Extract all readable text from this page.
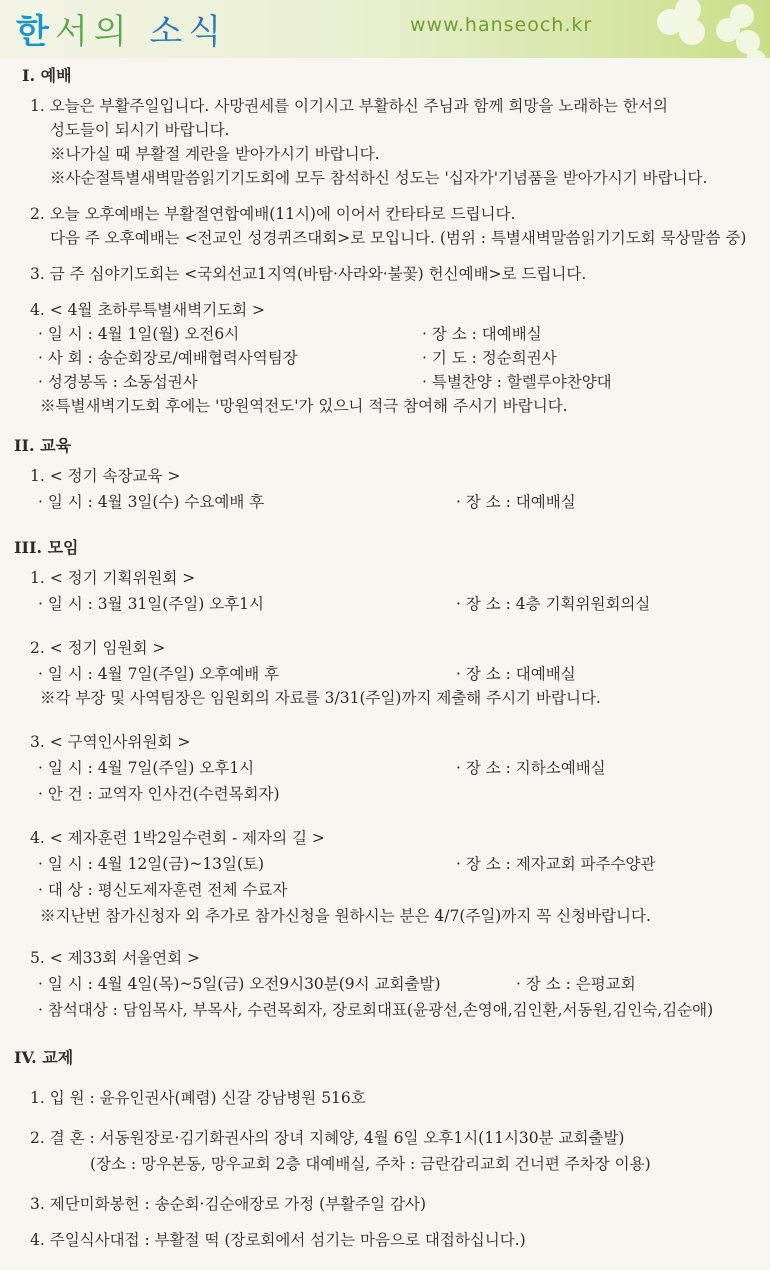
한서의 소식	www.hanseoch.kr
I. 예배
1. 오늘은 부활주일입니다. 사망권세를 이기시고 부활하신 주님과 함께 희망을 노래하는 한서의
성도들이 되시기 바랍니다.
※나가실 때 부활절 계란을 받아가시기 바랍니다.
※사순절특별새벽말씀읽기기도회에 모두 참석하신 성도는 '십자가'기념품을 받아가시기 바랍니다.
2. 오늘 오후예배는 부활절연합예배(11시)에 이어서 칸타타로 드립니다.
다음 주 오후예배는 <전교인 성경퀴즈대회>로 모입니다. (범위 : 특별새벽말씀읽기기도회 묵상말씀 중)
3. 금 주 심야기도회는 <국외선교1지역(바탐·사라와·불꽃) 헌신예배>로 드립니다.
4. < 4월 초하루특별새벽기도회 >
· 일 시 : 4월 1일(월) 오전6시
· 사 회 : 송순회장로/예배협력사역팀장
· 성경봉독 : 소동섭권사
※특별새벽기도회 후에는 '망원역전도'가 있으니 적극 참여해 주시기 바랍니다.
II. 교육
1. < 정기 속장교육 >
· 일 시 : 4월 3일(수) 수요예배 후
III. 모임
1. < 정기 기획위원회 >
· 일 시 : 3월 31일(주일) 오후1시
2. < 정기 임원회 >
· 일 시 : 4월 7일(주일) 오후예배 후
※각 부장 및 사역팀장은 임원회의 자료를 3/31(주일)까지 제출해 주시기 바랍니다.
3. < 구역인사위원회 >
· 일 시 : 4월 7일(주일) 오후1시
· 안 건 : 교역자 인사건(수련목회자)
4. < 제자훈련 1박2일수련회 - 제자의 길 >
· 일 시 : 4월 12일(금)~13일(토)
· 대 상 : 평신도제자훈련 전체 수료자
※지난번 참가신청자 외 추가로 참가신청을 원하시는 분은 4/7(주일)까지 꼭 신청바랍니다.
5. < 제33회 서울연회 >
· 일 시 : 4월 4일(목)~5일(금) 오전9시30분(9시 교회출발)
· 참석대상 : 담임목사, 부목사, 수련목회자, 장로회대표(윤광선,손영애,김인환,서동원,김인숙,김순애)
IV. 교제
1. 입 원 : 윤유인권사(폐렴) 신갈 강남병원 516호
2. 결 혼 : 서동원장로·김기화권사의 장녀 지혜양, 4월 6일 오후1시(11시30분 교회출발)
(장소 : 망우본동, 망우교회 2층 대예배실, 주차 : 금란감리교회 건너편 주차장 이용)
3. 제단미화봉헌 : 송순회·김순애장로 가정 (부활주일 감사)
4. 주일식사대접 : 부활절 떡 (장로회에서 섬기는 마음으로 대접하십니다.)
· 장 소 : 대예배실
· 기 도 : 정순희권사
· 특별찬양 : 할렐루야찬양대
· 장 소 : 대예배실
· 장 소 : 4층 기획위원회의실
· 장 소 : 대예배실
· 장 소 : 지하소예배실
· 장 소 : 제자교회 파주수양관
· 장 소 : 은평교회
